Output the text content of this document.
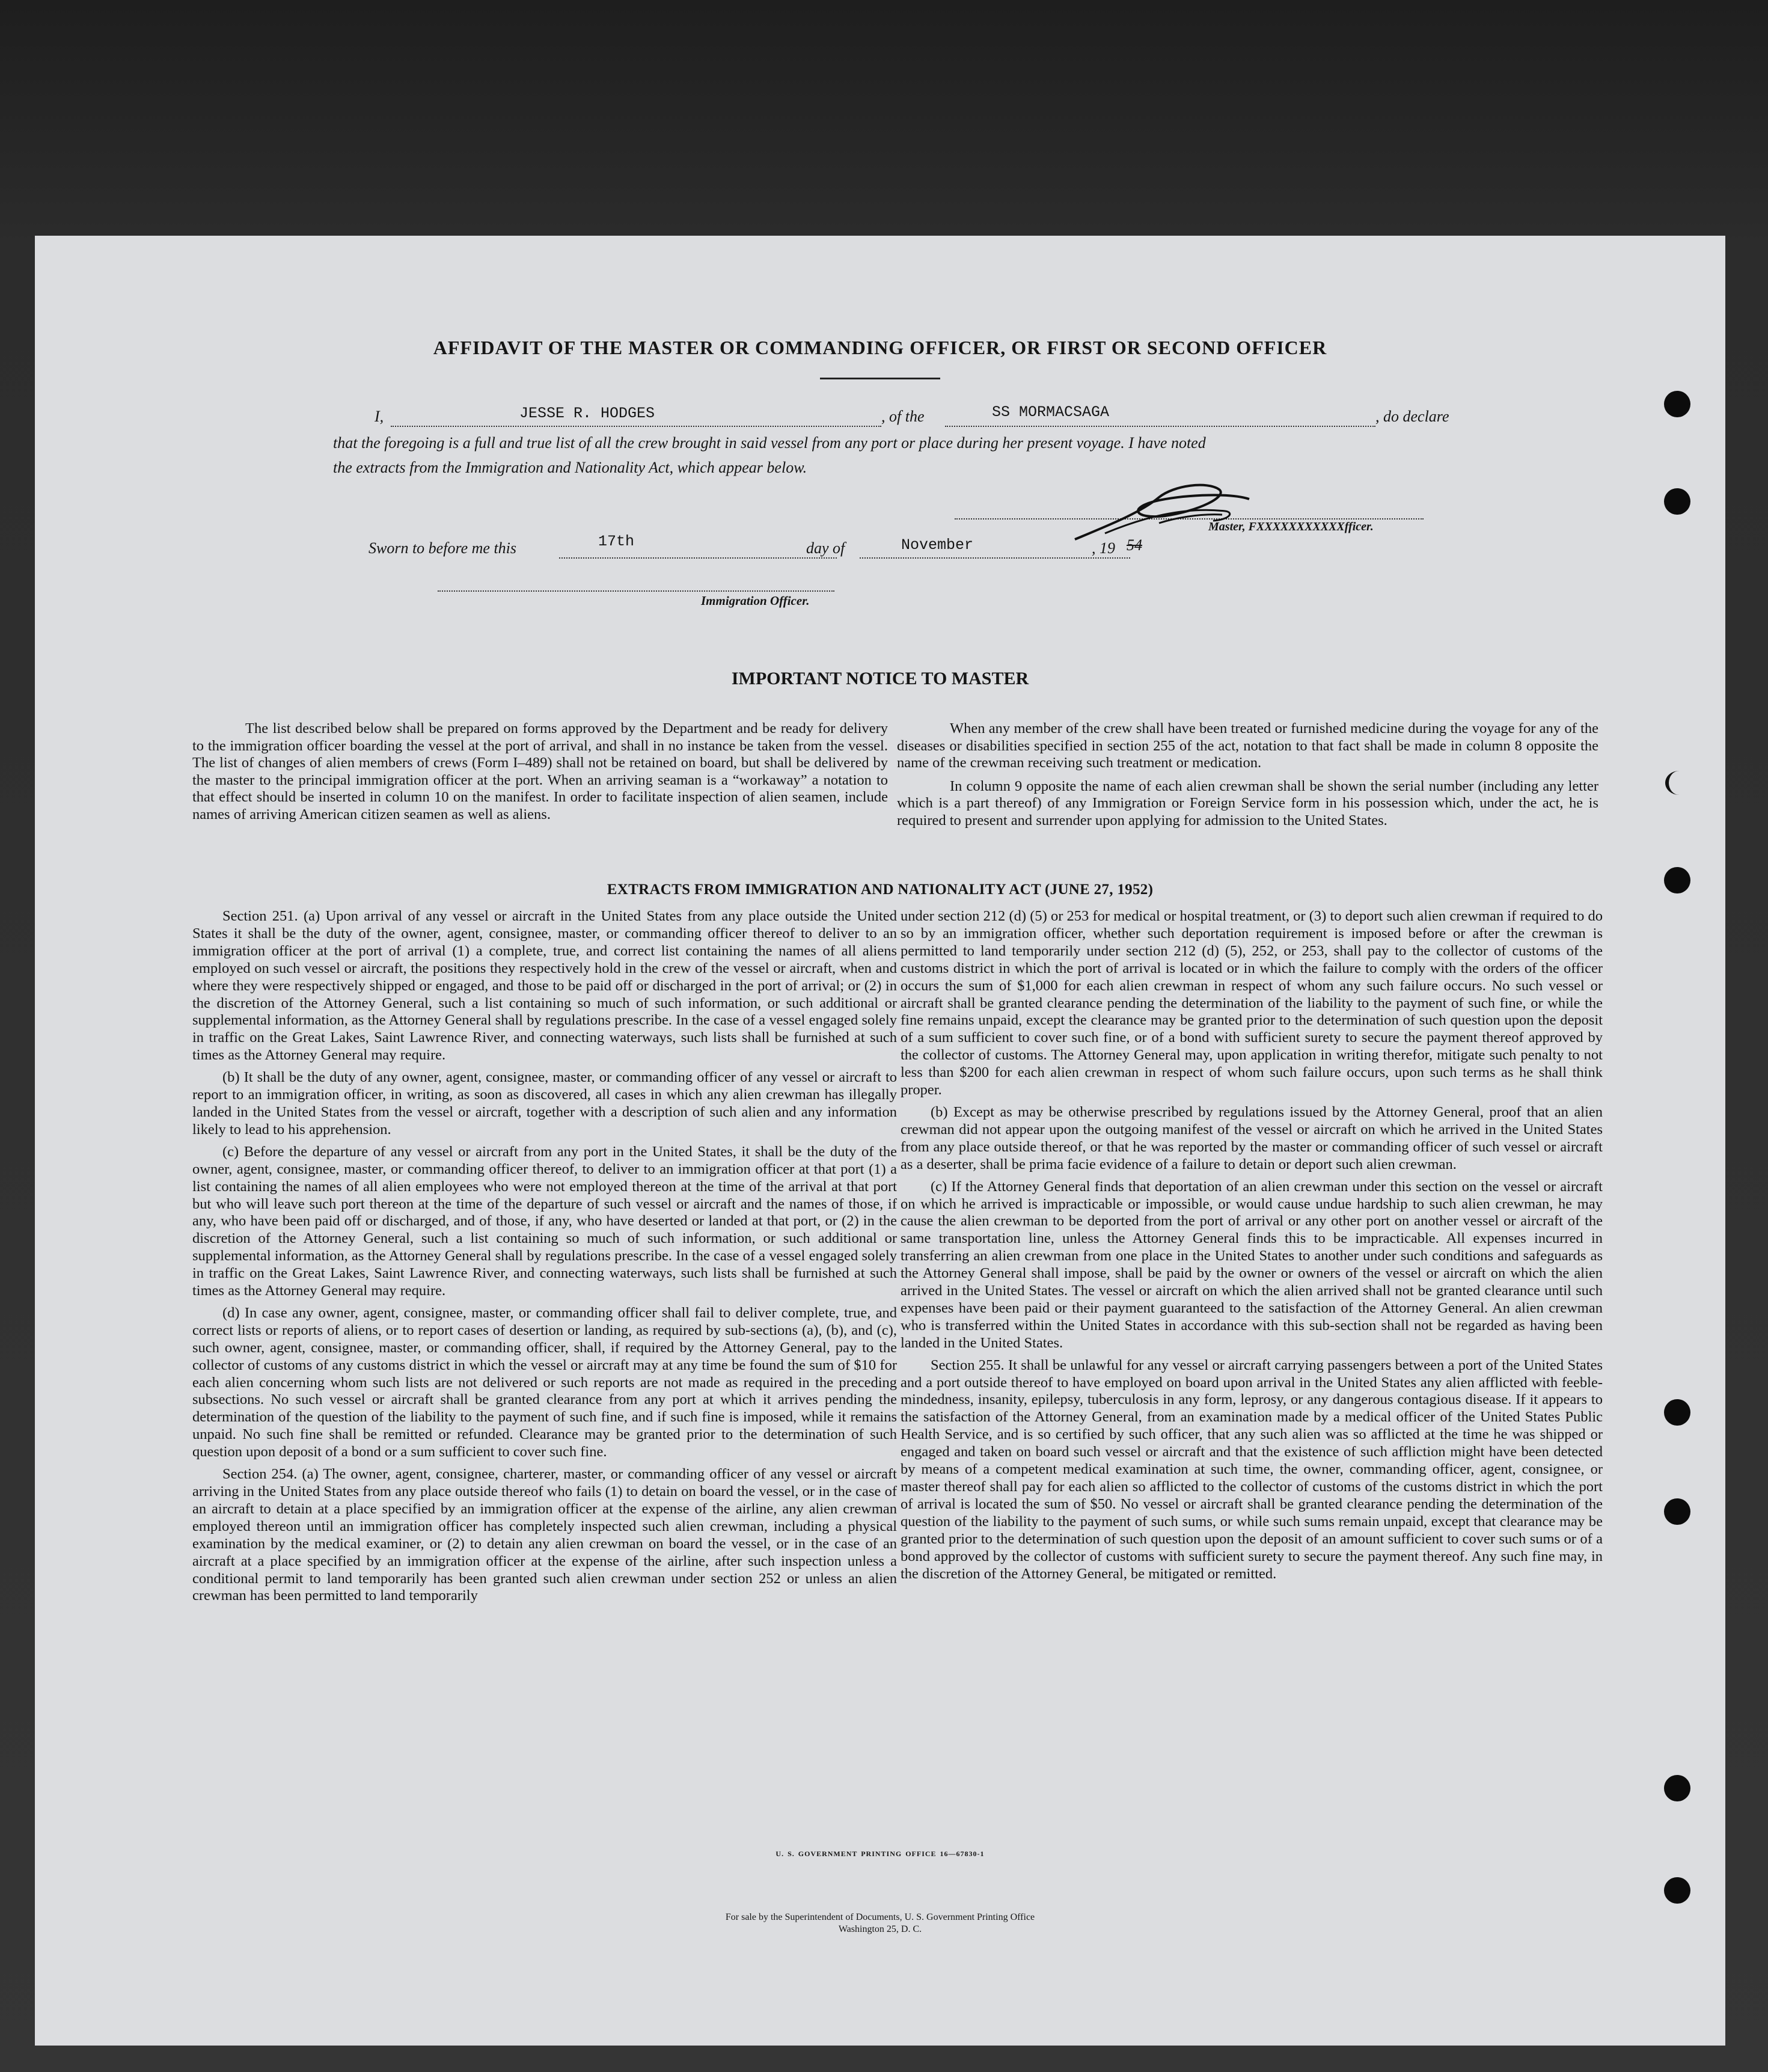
AFFIDAVIT OF THE MASTER OR COMMANDING OFFICER, OR FIRST OR SECOND OFFICER
I,	JESSE R. HODGES	, of the	SS MORMACSAGA	, do declare
that the foregoing is a full and true list of all the crew brought in said vessel from any port or place during her present voyage. I have noted
the extracts from the Immigration and Nationality Act, which appear below.
Master, FXXXXXXXXXXXfficer.
Sworn to before me this	17th	day of	November	, 19 54
Immigration Officer.
IMPORTANT NOTICE TO MASTER

The list described below shall be prepared on forms approved by the Department and be ready for delivery to the immigration officer boarding the vessel at the port of arrival, and shall in no instance be taken from the vessel. The list of changes of alien members of crews (Form I–489) shall not be retained on board, but shall be delivered by the master to the principal immigration officer at the port. When an arriving seaman is a “workaway” a notation to that effect should be inserted in column 10 on the manifest. In order to facilitate inspection of alien seamen, include names of arriving American citizen seamen as well as aliens.

When any member of the crew shall have been treated or furnished medicine during the voyage for any of the diseases or disabilities specified in section 255 of the act, notation to that fact shall be made in column 8 opposite the name of the crewman receiving such treatment or medication.

In column 9 opposite the name of each alien crewman shall be shown the serial number (including any letter which is a part thereof) of any Immigration or Foreign Service form in his possession which, under the act, he is required to present and surrender upon applying for admission to the United States.

EXTRACTS FROM IMMIGRATION AND NATIONALITY ACT (JUNE 27, 1952)

Section 251. (a) Upon arrival of any vessel or aircraft in the United States from any place outside the United States it shall be the duty of the owner, agent, consignee, master, or commanding officer thereof to deliver to an immigration officer at the port of arrival (1) a complete, true, and correct list containing the names of all aliens employed on such vessel or aircraft, the positions they respectively hold in the crew of the vessel or aircraft, when and where they were respectively shipped or engaged, and those to be paid off or discharged in the port of arrival; or (2) in the discretion of the Attorney General, such a list containing so much of such information, or such additional or supplemental information, as the Attorney General shall by regulations prescribe. In the case of a vessel engaged solely in traffic on the Great Lakes, Saint Lawrence River, and connecting waterways, such lists shall be furnished at such times as the Attorney General may require.

(b) It shall be the duty of any owner, agent, consignee, master, or commanding officer of any vessel or aircraft to report to an immigration officer, in writing, as soon as discovered, all cases in which any alien crewman has illegally landed in the United States from the vessel or aircraft, together with a description of such alien and any information likely to lead to his apprehension.

(c) Before the departure of any vessel or aircraft from any port in the United States, it shall be the duty of the owner, agent, consignee, master, or commanding officer thereof, to deliver to an immigration officer at that port (1) a list containing the names of all alien employees who were not employed thereon at the time of the arrival at that port but who will leave such port thereon at the time of the departure of such vessel or aircraft and the names of those, if any, who have been paid off or discharged, and of those, if any, who have deserted or landed at that port, or (2) in the discretion of the Attorney General, such a list containing so much of such information, or such additional or supplemental information, as the Attorney General shall by regulations prescribe. In the case of a vessel engaged solely in traffic on the Great Lakes, Saint Lawrence River, and connecting waterways, such lists shall be furnished at such times as the Attorney General may require.

(d) In case any owner, agent, consignee, master, or commanding officer shall fail to deliver complete, true, and correct lists or reports of aliens, or to report cases of desertion or landing, as required by sub-sections (a), (b), and (c), such owner, agent, consignee, master, or commanding officer, shall, if required by the Attorney General, pay to the collector of customs of any customs district in which the vessel or aircraft may at any time be found the sum of $10 for each alien concerning whom such lists are not delivered or such reports are not made as required in the preceding subsections. No such vessel or aircraft shall be granted clearance from any port at which it arrives pending the determination of the question of the liability to the payment of such fine, and if such fine is imposed, while it remains unpaid. No such fine shall be remitted or refunded. Clearance may be granted prior to the determination of such question upon deposit of a bond or a sum sufficient to cover such fine.

Section 254. (a) The owner, agent, consignee, charterer, master, or commanding officer of any vessel or aircraft arriving in the United States from any place outside thereof who fails (1) to detain on board the vessel, or in the case of an aircraft to detain at a place specified by an immigration officer at the expense of the airline, any alien crewman employed thereon until an immigration officer has completely inspected such alien crewman, including a physical examination by the medical examiner, or (2) to detain any alien crewman on board the vessel, or in the case of an aircraft at a place specified by an immigration officer at the expense of the airline, after such inspection unless a conditional permit to land temporarily has been granted such alien crewman under section 252 or unless an alien crewman has been permitted to land temporarily

under section 212 (d) (5) or 253 for medical or hospital treatment, or (3) to deport such alien crewman if required to do so by an immigration officer, whether such deportation requirement is imposed before or after the crewman is permitted to land temporarily under section 212 (d) (5), 252, or 253, shall pay to the collector of customs of the customs district in which the port of arrival is located or in which the failure to comply with the orders of the officer occurs the sum of $1,000 for each alien crewman in respect of whom any such failure occurs. No such vessel or aircraft shall be granted clearance pending the determination of the liability to the payment of such fine, or while the fine remains unpaid, except the clearance may be granted prior to the determination of such question upon the deposit of a sum sufficient to cover such fine, or of a bond with sufficient surety to secure the payment thereof approved by the collector of customs. The Attorney General may, upon application in writing therefor, mitigate such penalty to not less than $200 for each alien crewman in respect of whom such failure occurs, upon such terms as he shall think proper.

(b) Except as may be otherwise prescribed by regulations issued by the Attorney General, proof that an alien crewman did not appear upon the outgoing manifest of the vessel or aircraft on which he arrived in the United States from any place outside thereof, or that he was reported by the master or commanding officer of such vessel or aircraft as a deserter, shall be prima facie evidence of a failure to detain or deport such alien crewman.

(c) If the Attorney General finds that deportation of an alien crewman under this section on the vessel or aircraft on which he arrived is impracticable or impossible, or would cause undue hardship to such alien crewman, he may cause the alien crewman to be deported from the port of arrival or any other port on another vessel or aircraft of the same transportation line, unless the Attorney General finds this to be impracticable. All expenses incurred in transferring an alien crewman from one place in the United States to another under such conditions and safeguards as the Attorney General shall impose, shall be paid by the owner or owners of the vessel or aircraft on which the alien arrived in the United States. The vessel or aircraft on which the alien arrived shall not be granted clearance until such expenses have been paid or their payment guaranteed to the satisfaction of the Attorney General. An alien crewman who is transferred within the United States in accordance with this sub-section shall not be regarded as having been landed in the United States.

Section 255. It shall be unlawful for any vessel or aircraft carrying passengers between a port of the United States and a port outside thereof to have employed on board upon arrival in the United States any alien afflicted with feeble-mindedness, insanity, epilepsy, tuberculosis in any form, leprosy, or any dangerous contagious disease. If it appears to the satisfaction of the Attorney General, from an examination made by a medical officer of the United States Public Health Service, and is so certified by such officer, that any such alien was so afflicted at the time he was shipped or engaged and taken on board such vessel or aircraft and that the existence of such affliction might have been detected by means of a competent medical examination at such time, the owner, commanding officer, agent, consignee, or master thereof shall pay for each alien so afflicted to the collector of customs of the customs district in which the port of arrival is located the sum of $50. No vessel or aircraft shall be granted clearance pending the determination of the question of the liability to the payment of such sums, or while such sums remain unpaid, except that clearance may be granted prior to the determination of such question upon the deposit of an amount sufficient to cover such sums or of a bond approved by the collector of customs with sufficient surety to secure the payment thereof. Any such fine may, in the discretion of the Attorney General, be mitigated or remitted.

U. S. GOVERNMENT PRINTING OFFICE 16—67830-1
For sale by the Superintendent of Documents, U. S. Government Printing Office
Washington 25, D. C.
